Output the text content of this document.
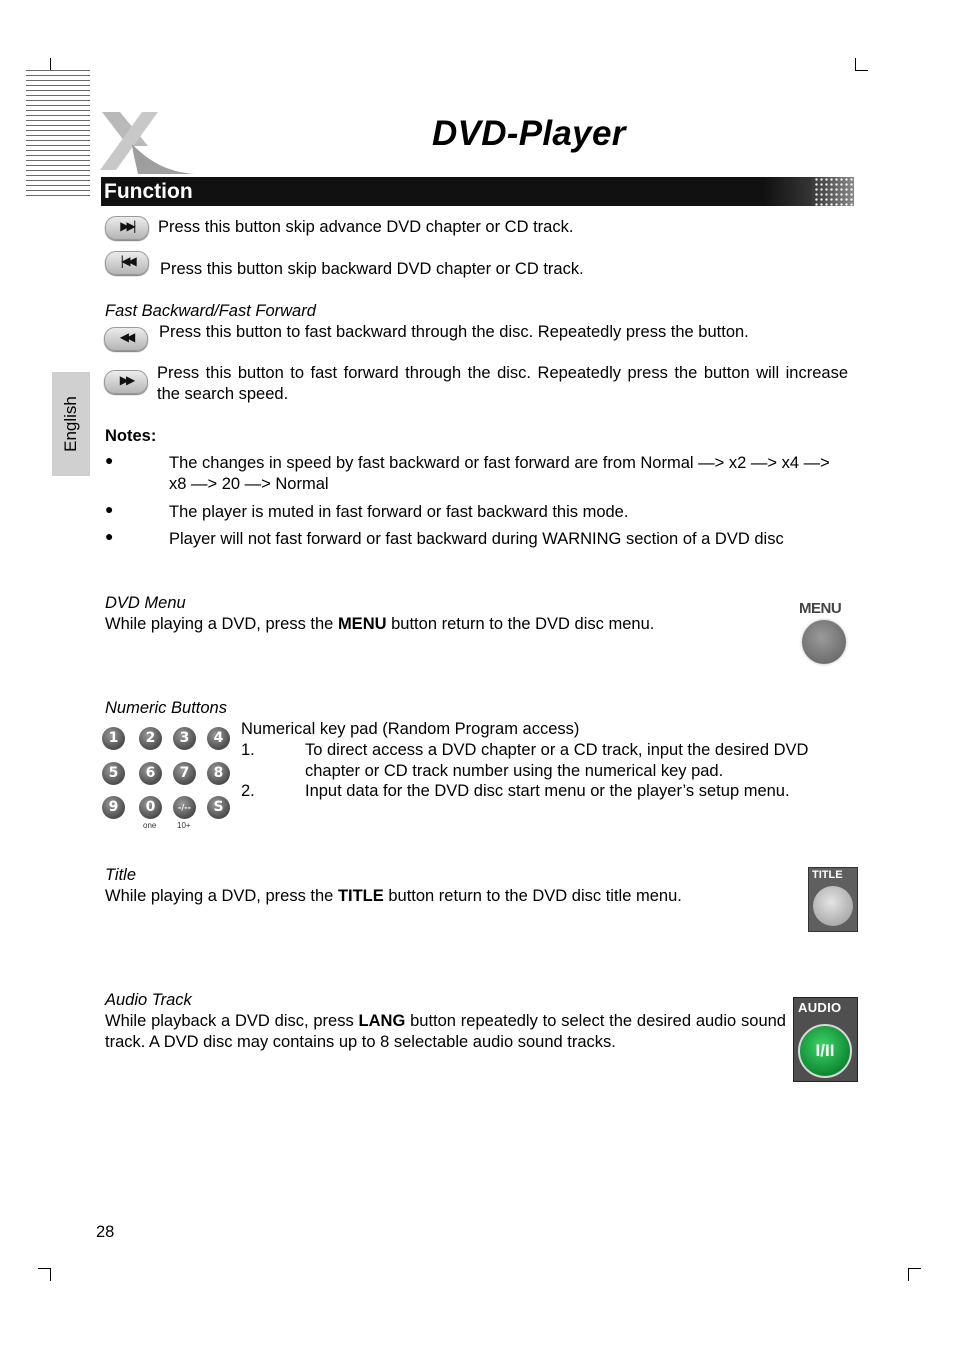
DVD-Player
English
Function
▶▶|	Press this button skip advance DVD chapter or CD track.
|◀◀	Press this button skip backward DVD chapter or CD track.
Fast Backward/Fast Forward
◀◀	Press this button to fast backward through the disc. Repeatedly press the button.
▶▶	Press this button to fast forward through the disc. Repeatedly press the button will increase the search speed.
Notes:
●	The changes in speed by fast backward or fast forward are from Normal —> x2 —> x4 —> x8 —> 20 —> Normal
●	The player is muted in fast forward or fast backward this mode.
●	Player will not fast forward or fast backward during WARNING section of a DVD disc
DVD Menu
While playing a DVD, press the MENU button return to the DVD disc menu.
MENU
Numeric Buttons
1	2	3	4
5	6	7	8
9	0	-/--	S
one	10+
Numerical key pad (Random Program access)
1.	To direct access a DVD chapter or a CD track, input the desired DVD chapter or CD track number using the numerical key pad.
2.	Input data for the DVD disc start menu or the player’s setup menu.
Title
While playing a DVD, press the TITLE button return to the DVD disc title menu.
TITLE
Audio Track
While playback a DVD disc, press LANG button repeatedly to select the desired audio sound track. A DVD disc may contains up to 8 selectable audio sound tracks.
AUDIO
I/II
28
